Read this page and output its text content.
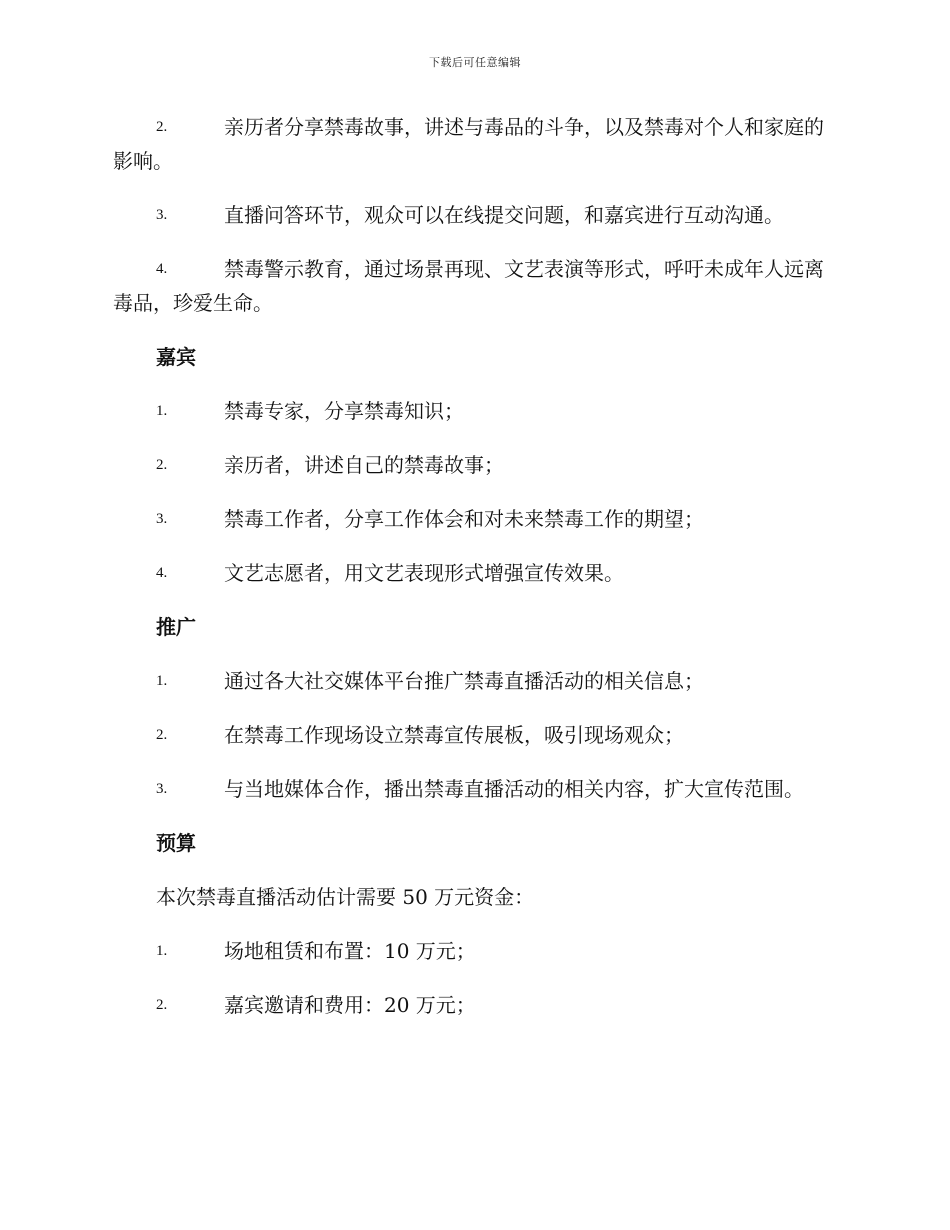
下载后可任意编辑
2.	亲历者分享禁毒故事，讲述与毒品的斗争，以及禁毒对个人和家庭的影响。
3.	直播问答环节，观众可以在线提交问题，和嘉宾进行互动沟通。
4.	禁毒警示教育，通过场景再现、文艺表演等形式，呼吁未成年人远离毒品，珍爱生命。
嘉宾
1.	禁毒专家，分享禁毒知识；
2.	亲历者，讲述自己的禁毒故事；
3.	禁毒工作者，分享工作体会和对未来禁毒工作的期望；
4.	文艺志愿者，用文艺表现形式增强宣传效果。
推广
1.	通过各大社交媒体平台推广禁毒直播活动的相关信息；
2.	在禁毒工作现场设立禁毒宣传展板，吸引现场观众；
3.	与当地媒体合作，播出禁毒直播活动的相关内容，扩大宣传范围。
预算
本次禁毒直播活动估计需要 50 万元资金：
1.	场地租赁和布置：10 万元；
2.	嘉宾邀请和费用：20 万元；
